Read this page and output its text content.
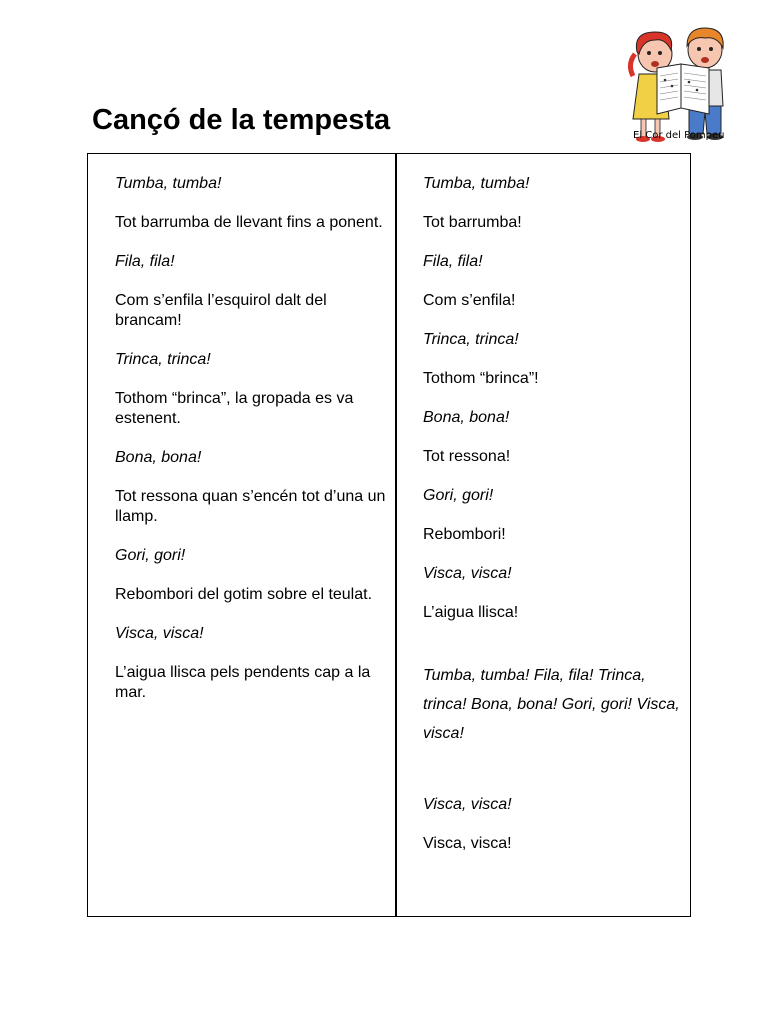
Cançó de la tempesta	El Cor del Pompeu

Tumba, tumba!

Tot barrumba de llevant fins a ponent.

Fila, fila!

Com s’enfila l’esquirol dalt del brancam!

Trinca, trinca!

Tothom “brinca”, la gropada es va estenent.

Bona, bona!

Tot ressona quan s’encén tot d’una un llamp.

Gori, gori!

Rebombori del gotim sobre el teulat.

Visca, visca!

L’aigua llisca pels pendents cap a la mar.

Tumba, tumba!

Tot barrumba!

Fila, fila!

Com s’enfila!

Trinca, trinca!

Tothom “brinca”!

Bona, bona!

Tot ressona!

Gori, gori!

Rebombori!

Visca, visca!

L’aigua llisca!

Tumba, tumba! Fila, fila! Trinca, trinca! Bona, bona! Gori, gori! Visca, visca!

Visca, visca!

Visca, visca!
